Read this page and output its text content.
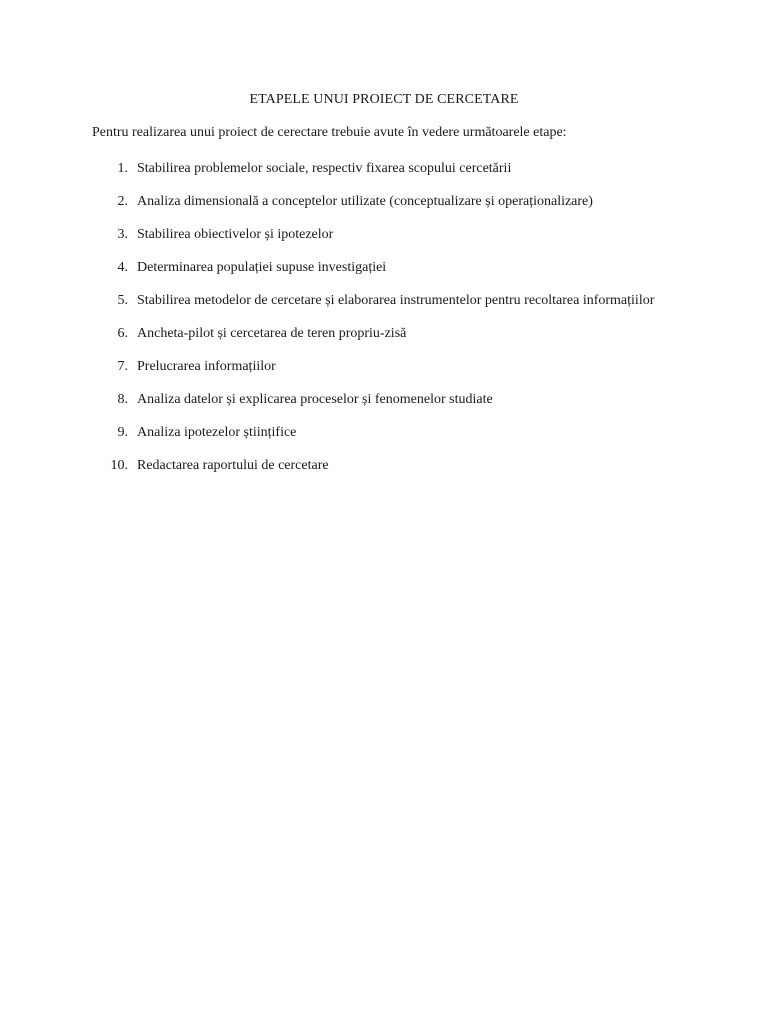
ETAPELE UNUI PROIECT DE CERCETARE

Pentru realizarea unui proiect de cerectare trebuie avute în vedere următoarele etape:

1. Stabilirea problemelor sociale, respectiv fixarea scopului cercetării
2. Analiza dimensională a conceptelor utilizate (conceptualizare și operaționalizare)
3. Stabilirea obiectivelor și ipotezelor
4. Determinarea populației supuse investigației
5. Stabilirea metodelor de cercetare și elaborarea instrumentelor pentru recoltarea informațiilor
6. Ancheta-pilot și cercetarea de teren propriu-zisă
7. Prelucrarea informațiilor
8. Analiza datelor și explicarea proceselor și fenomenelor studiate
9. Analiza ipotezelor științifice
10. Redactarea raportului de cercetare
